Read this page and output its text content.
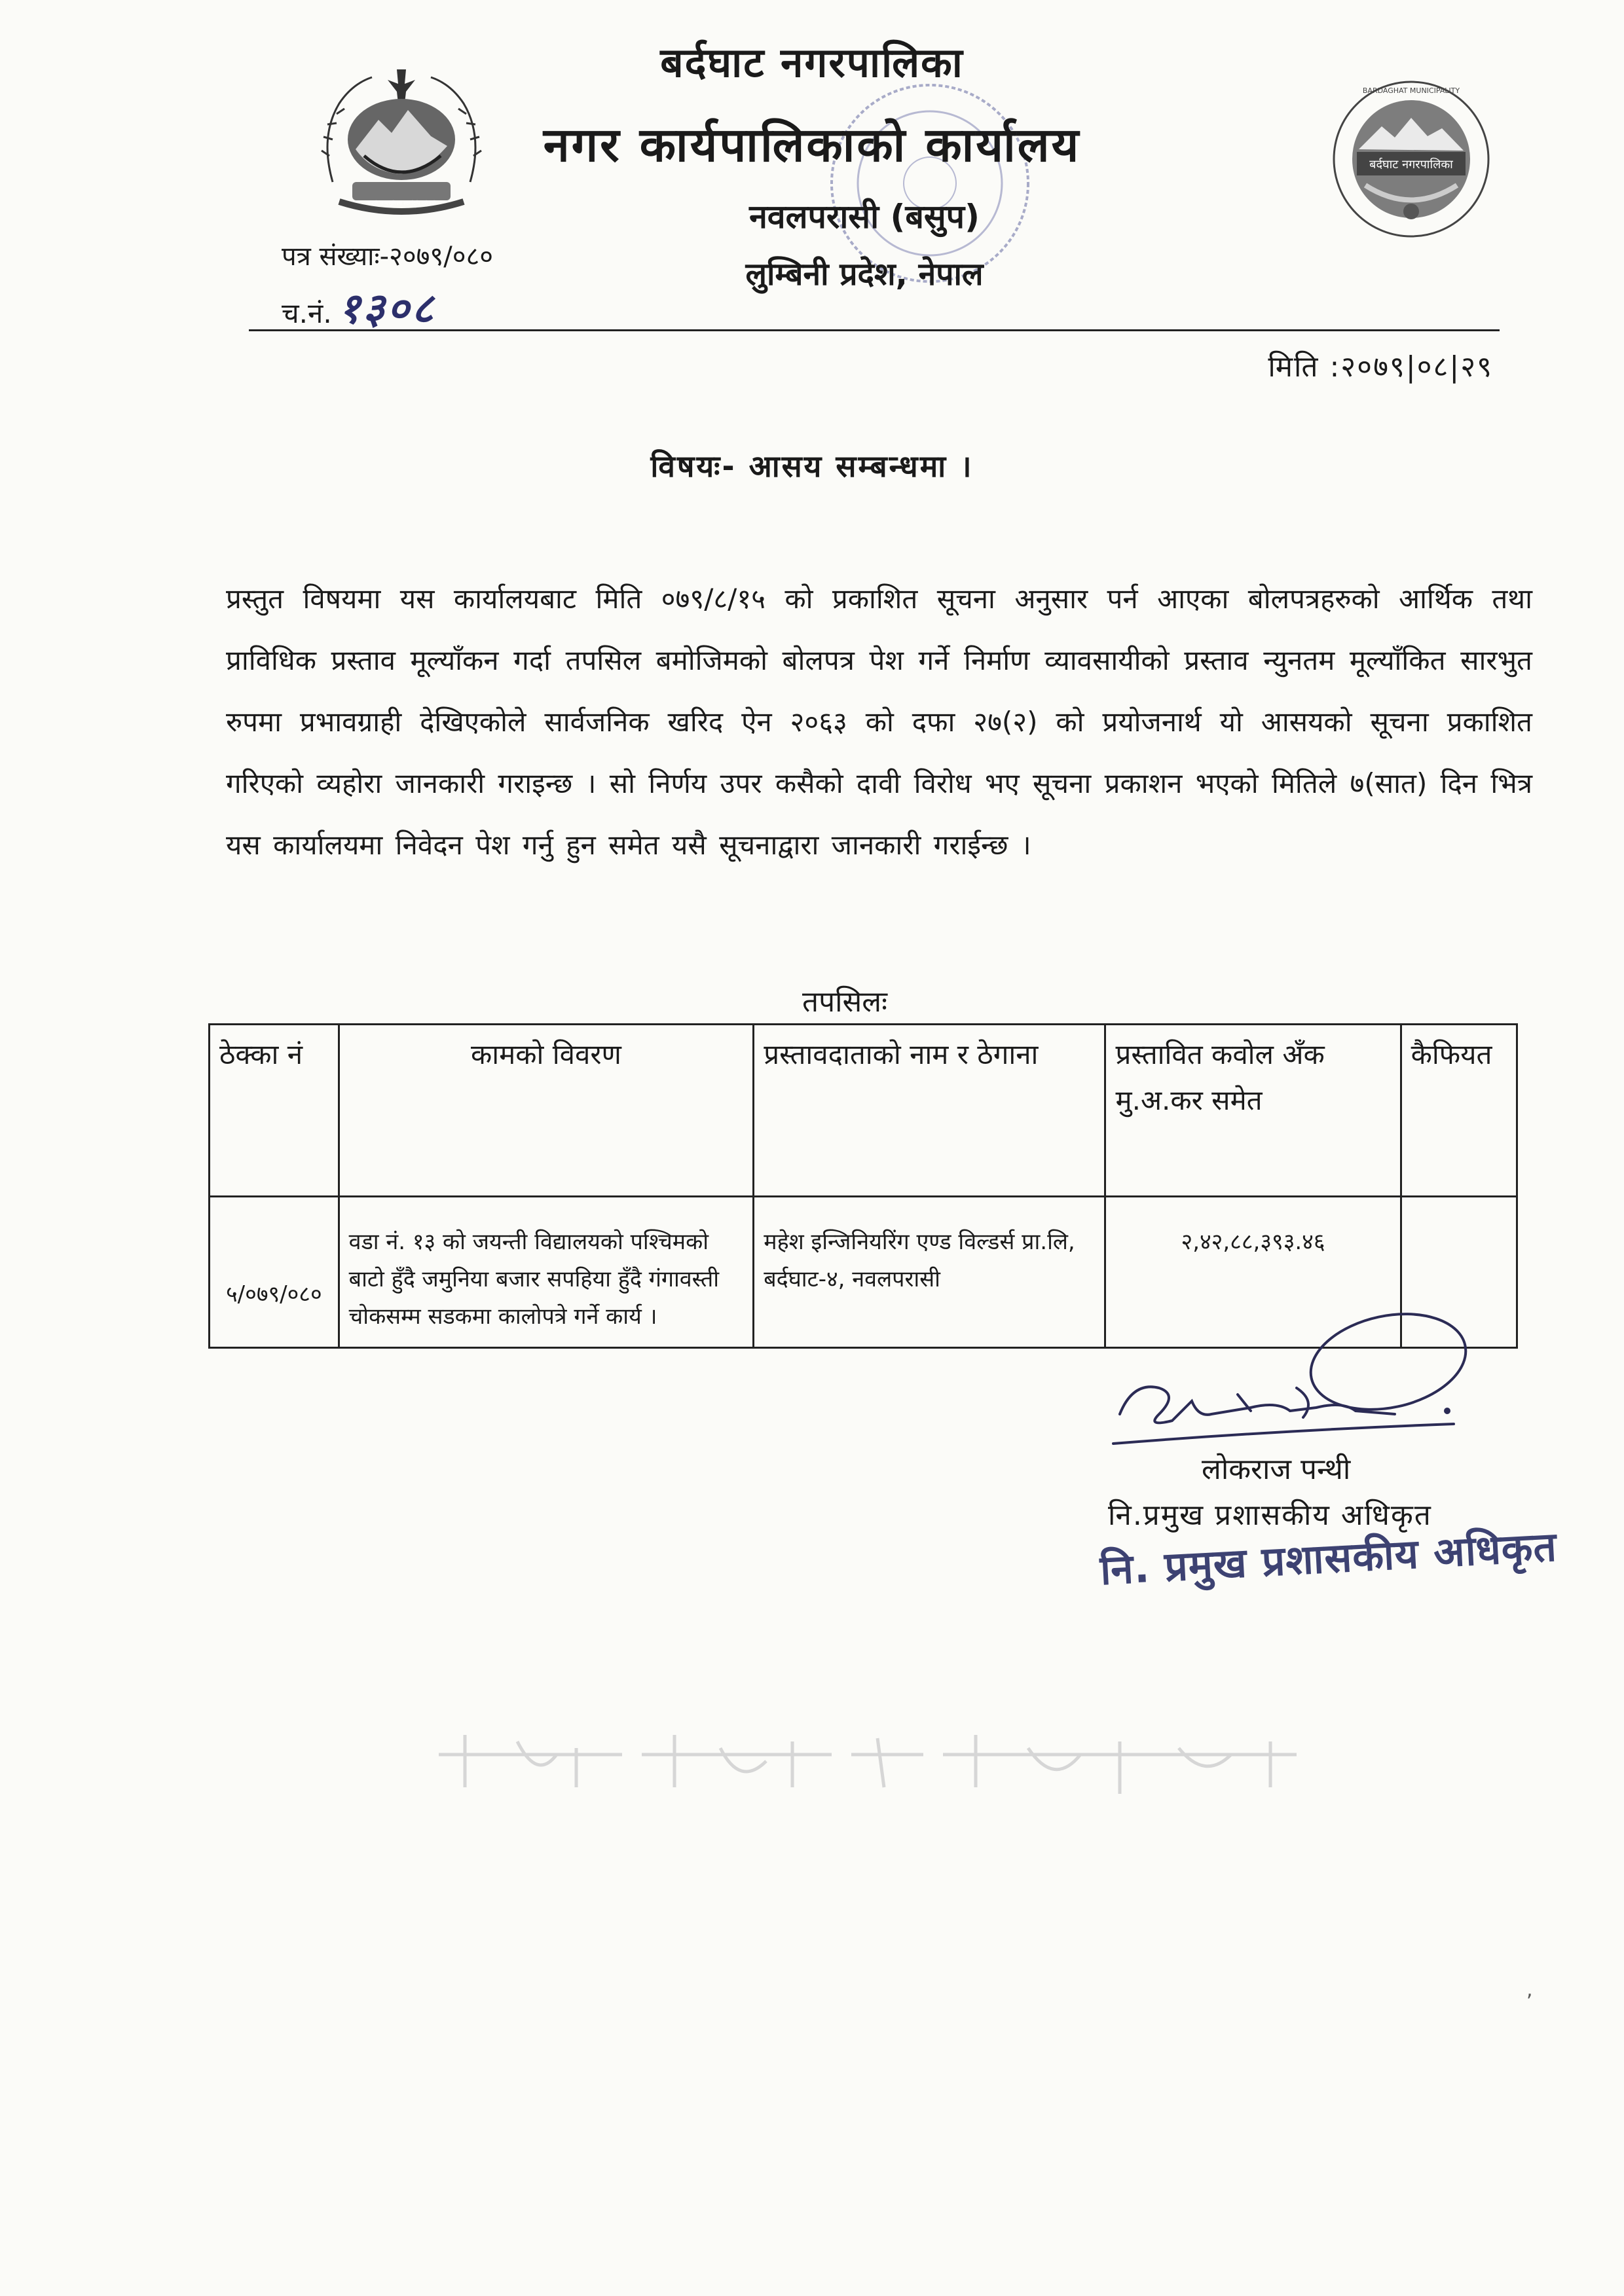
जननी जन्मभूमिश्च स्वर्गादपि गरीयसी
बर्दघाट नगरपालिका
BARDAGHAT MUNICIPALITY
बर्दघाट नगरपालिका
नगर कार्यपालिकाको कार्यालय
नवलपरासी (बसुप)
लुम्बिनी प्रदेश, नेपाल
पत्र संख्याः-२०७९/०८०
च.नं. १३०८
मिति :२०७९|०८|२९
विषयः- आसय सम्बन्धमा ।
प्रस्तुत विषयमा यस कार्यालयबाट मिति ०७९/८/१५ को प्रकाशित सूचना अनुसार पर्न आएका बोलपत्रहरुको आर्थिक तथा प्राविधिक प्रस्ताव मूल्याँकन गर्दा तपसिल बमोजिमको बोलपत्र पेश गर्ने निर्माण व्यावसायीको प्रस्ताव न्युनतम मूल्याँकित सारभुत रुपमा प्रभावग्राही देखिएकोले सार्वजनिक खरिद ऐन २०६३ को दफा २७(२) को प्रयोजनार्थ यो आसयको सूचना प्रकाशित गरिएको व्यहोरा जानकारी गराइन्छ । सो निर्णय उपर कसैको दावी विरोध भए सूचना प्रकाशन भएको मितिले ७(सात) दिन भित्र यस कार्यालयमा निवेदन पेश गर्नु हुन समेत यसै सूचनाद्वारा जानकारी गराईन्छ ।
तपसिलः
ठेक्का नं	कामको विवरण	प्रस्तावदाताको नाम र ठेगाना	प्रस्तावित कवोल अँक मु.अ.कर समेत	कैफियत
५/०७९/०८०	वडा नं. १३ को जयन्ती विद्यालयको पश्चिमको बाटो हुँदै जमुनिया बजार सपहिया हुँदै गंगावस्ती चोकसम्म सडकमा कालोपत्रे गर्ने कार्य ।	महेश इन्जिनियरिंग एण्ड विल्डर्स प्रा.लि, बर्दघाट-४, नवलपरासी	२,४२,८८,३९३.४६	
लोकराज पन्थी
नि.प्रमुख प्रशासकीय अधिकृत
नि. प्रमुख प्रशासकीय अधिकृत
,
